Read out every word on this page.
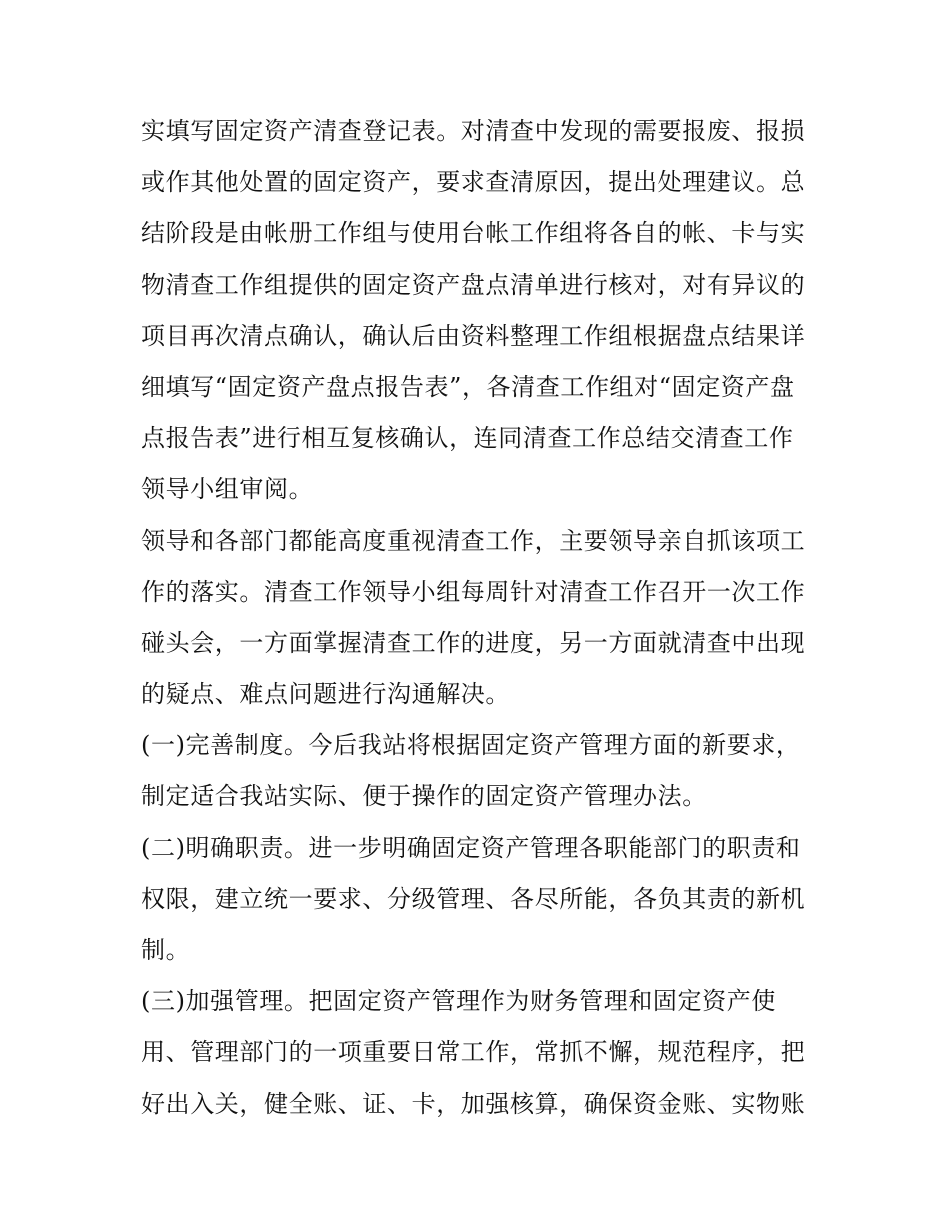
实填写固定资产清查登记表。对清查中发现的需要报废、报损
或作其他处置的固定资产，要求查清原因，提出处理建议。总
结阶段是由帐册工作组与使用台帐工作组将各自的帐、卡与实
物清查工作组提供的固定资产盘点清单进行核对，对有异议的
项目再次清点确认，确认后由资料整理工作组根据盘点结果详
细填写“固定资产盘点报告表”，各清查工作组对“固定资产盘
点报告表”进行相互复核确认，连同清查工作总结交清查工作
领导小组审阅。
领导和各部门都能高度重视清查工作，主要领导亲自抓该项工
作的落实。清查工作领导小组每周针对清查工作召开一次工作
碰头会，一方面掌握清查工作的进度，另一方面就清查中出现
的疑点、难点问题进行沟通解决。
(一)完善制度。今后我站将根据固定资产管理方面的新要求，
制定适合我站实际、便于操作的固定资产管理办法。
(二)明确职责。进一步明确固定资产管理各职能部门的职责和
权限，建立统一要求、分级管理、各尽所能，各负其责的新机
制。
(三)加强管理。把固定资产管理作为财务管理和固定资产使
用、管理部门的一项重要日常工作，常抓不懈，规范程序，把
好出入关，健全账、证、卡，加强核算，确保资金账、实物账
